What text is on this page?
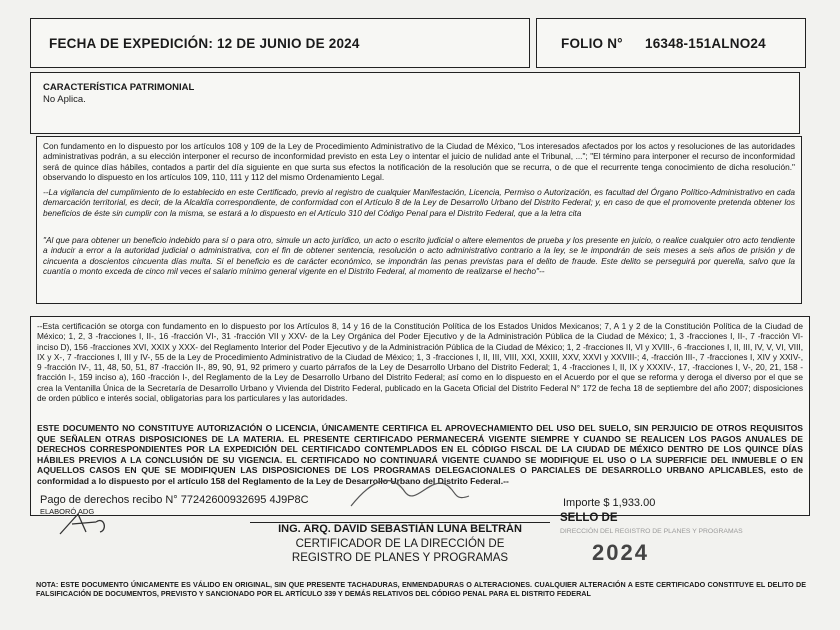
FECHA DE EXPEDICIÓN: 12 DE JUNIO DE 2024	FOLIO N° 16348-151ALNO24
CARACTERÍSTICA PATRIMONIAL
No Aplica.

Con fundamento en lo dispuesto por los artículos 108 y 109 de la Ley de Procedimiento Administrativo de la Ciudad de México, "Los interesados afectados por los actos y resoluciones de las autoridades administrativas podrán, a su elección interponer el recurso de inconformidad previsto en esta Ley o intentar el juicio de nulidad ante el Tribunal, ..."; "El término para interponer el recurso de inconformidad será de quince días hábiles, contados a partir del día siguiente en que surta sus efectos la notificación de la resolución que se recurra, o de que el recurrente tenga conocimiento de dicha resolución." observando lo dispuesto en los artículos 109, 110, 111 y 112 del mismo Ordenamiento Legal.

--La vigilancia del cumplimiento de lo establecido en este Certificado, previo al registro de cualquier Manifestación, Licencia, Permiso o Autorización, es facultad del Órgano Político-Administrativo en cada demarcación territorial, es decir, de la Alcaldía correspondiente, de conformidad con el Artículo 8 de la Ley de Desarrollo Urbano del Distrito Federal; y, en caso de que el promovente pretenda obtener los beneficios de éste sin cumplir con la misma, se estará a lo dispuesto en el Artículo 310 del Código Penal para el Distrito Federal, que a la letra cita

"Al que para obtener un beneficio indebido para sí o para otro, simule un acto jurídico, un acto o escrito judicial o altere elementos de prueba y los presente en juicio, o realice cualquier otro acto tendiente a inducir a error a la autoridad judicial o administrativa, con el fin de obtener sentencia, resolución o acto administrativo contrario a la ley, se le impondrán de seis meses a seis años de prisión y de cincuenta a doscientos cincuenta días multa. Si el beneficio es de carácter económico, se impondrán las penas previstas para el delito de fraude. Este delito se perseguirá por querella, salvo que la cuantía o monto exceda de cinco mil veces el salario mínimo general vigente en el Distrito Federal, al momento de realizarse el hecho"--

--Esta certificación se otorga con fundamento en lo dispuesto por los Artículos 8, 14 y 16 de la Constitución Política de los Estados Unidos Mexicanos; 7, A 1 y 2 de la Constitución Política de la Ciudad de México; 1, 2, 3 -fracciones I, II-, 16 -fracción VI-, 31 -fracción VII y XXV- de la Ley Orgánica del Poder Ejecutivo y de la Administración Pública de la Ciudad de México; 1, 3 -fracciones I, II-, 7 -fracción VI- inciso D), 156 -fracciones XVI, XXIX y XXX- del Reglamento Interior del Poder Ejecutivo y de la Administración Pública de la Ciudad de México; 1, 2 -fracciones II, VI y XVIII-, 6 -fracciones I, II, III, IV, V, VI, VIII, IX y X-, 7 -fracciones I, III y IV-, 55 de la Ley de Procedimiento Administrativo de la Ciudad de México; 1, 3 -fracciones I, II, III, VIII, XXI, XXIII, XXV, XXVI y XXVIII-; 4, -fracción III-, 7 -fracciones I, XIV y XXIV-, 9 -fracción IV-, 11, 48, 50, 51, 87 -fracción II-, 89, 90, 91, 92 primero y cuarto párrafos de la Ley de Desarrollo Urbano del Distrito Federal; 1, 4 -fracciones I, II, IX y XXXIV-, 17, -fracciones I, V-, 20, 21, 158 -fracción I-, 159 inciso a), 160 -fracción I-, del Reglamento de la Ley de Desarrollo Urbano del Distrito Federal; así como en lo dispuesto en el Acuerdo por el que se reforma y deroga el diverso por el que se crea la Ventanilla Única de la Secretaría de Desarrollo Urbano y Vivienda del Distrito Federal, publicado en la Gaceta Oficial del Distrito Federal N° 172 de fecha 18 de septiembre del año 2007; disposiciones de orden público e interés social, obligatorias para los particulares y las autoridades.

ESTE DOCUMENTO NO CONSTITUYE AUTORIZACIÓN O LICENCIA, ÚNICAMENTE CERTIFICA EL APROVECHAMIENTO DEL USO DEL SUELO, SIN PERJUICIO DE OTROS REQUISITOS QUE SEÑALEN OTRAS DISPOSICIONES DE LA MATERIA. EL PRESENTE CERTIFICADO PERMANECERÁ VIGENTE SIEMPRE Y CUANDO SE REALICEN LOS PAGOS ANUALES DE DERECHOS CORRESPONDIENTES POR LA EXPEDICIÓN DEL CERTIFICADO CONTEMPLADOS EN EL CÓDIGO FISCAL DE LA CIUDAD DE MÉXICO DENTRO DE LOS QUINCE DÍAS HÁBILES PREVIOS A LA CONCLUSIÓN DE SU VIGENCIA. EL CERTIFICADO NO CONTINUARÁ VIGENTE CUANDO SE MODIFIQUE EL USO O LA SUPERFICIE DEL INMUEBLE O EN AQUELLOS CASOS EN QUE SE MODIFIQUEN LAS DISPOSICIONES DE LOS PROGRAMAS DELEGACIONALES O PARCIALES DE DESARROLLO URBANO APLICABLES, esto de conformidad a lo dispuesto por el artículo 158 del Reglamento de la Ley de Desarrollo Urbano del Distrito Federal.--

Pago de derechos recibo N° 77242600932695 4J9P8C	Importe $ 1,933.00
ELABORÓ ADG
SELLO DE
ING. ARQ. DAVID SEBASTIÁN LUNA BELTRÁN
CERTIFICADOR DE LA DIRECCIÓN DE
REGISTRO DE PLANES Y PROGRAMAS
DIRECCIÓN DEL REGISTRO DE PLANES Y PROGRAMAS
2024
NOTA: ESTE DOCUMENTO ÚNICAMENTE ES VÁLIDO EN ORIGINAL, SIN QUE PRESENTE TACHADURAS, ENMENDADURAS O ALTERACIONES. CUALQUIER ALTERACIÓN A ESTE CERTIFICADO CONSTITUYE EL DELITO DE FALSIFICACIÓN DE DOCUMENTOS, PREVISTO Y SANCIONADO POR EL ARTÍCULO 339 Y DEMÁS RELATIVOS DEL CÓDIGO PENAL PARA EL DISTRITO FEDERAL
